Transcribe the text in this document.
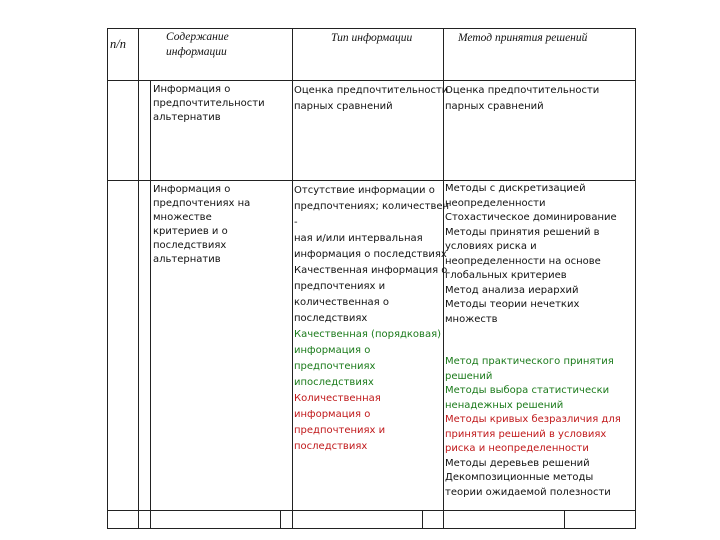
п/п	Содержание
информации
Тип информации	Метод принятия решений
Информация о
предпочтительности
альтернатив
Оценка предпочтительности
парных сравнений
Оценка предпочтительности
парных сравнений
Информация о
предпочтениях на
множестве
критериев и о
последствиях
альтернатив
Отсутствие информации о
предпочтениях; количествен
-
ная и/или интервальная
информация о последствиях
Качественная информация о
предпочтениях и
количественная о
последствиях
Качественная (порядковая)
информация о
предпочтениях
ипоследствиях
Количественная
информация о
предпочтениях и
последствиях
Методы с дискретизацией
неопределенности
Стохастическое доминирование
Методы принятия решений в
условиях риска и
неопределенности на основе
глобальных критериев
Метод анализа иерархий
Методы теории нечетких
множеств
Метод практического принятия
решений
Методы выбора статистически
ненадежных решений
Методы кривых безразличия для
принятия решений в условиях
риска и неопределенности
Методы деревьев решений
Декомпозиционные методы
теории ожидаемой полезности
